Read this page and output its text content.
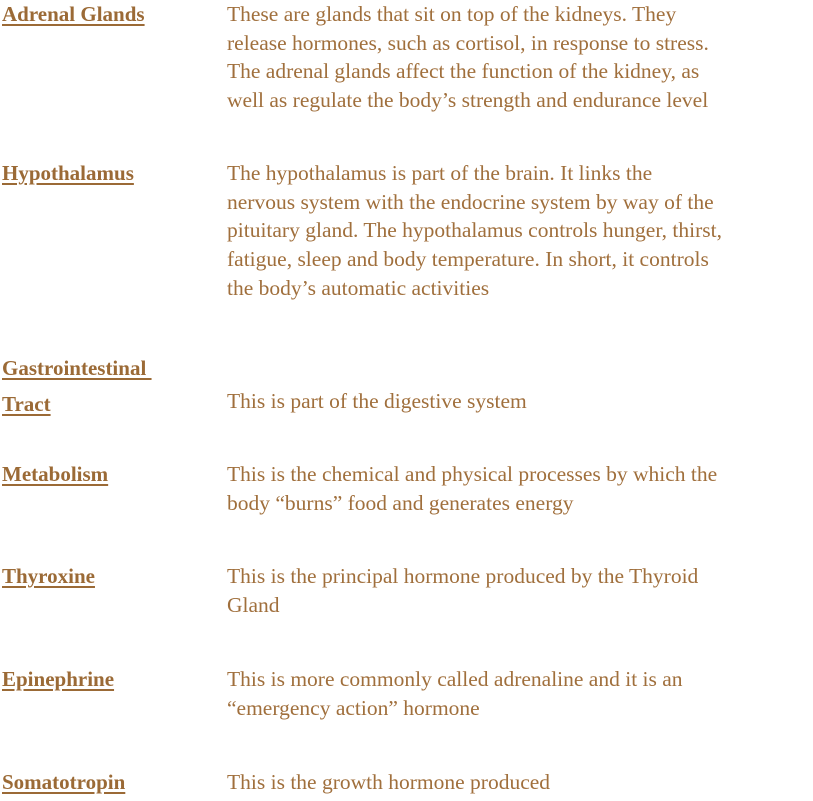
Adrenal Glands	These are glands that sit on top of the kidneys. They
release hormones, such as cortisol, in response to stress.
The adrenal glands affect the function of the kidney, as
well as regulate the body’s strength and endurance level
Hypothalamus	The hypothalamus is part of the brain. It links the
nervous system with the endocrine system by way of the
pituitary gland. The hypothalamus controls hunger, thirst,
fatigue, sleep and body temperature. In short, it controls
the body’s automatic activities
Gastrointestinal
Tract	This is part of the digestive system
Metabolism	This is the chemical and physical processes by which the
body “burns” food and generates energy
Thyroxine	This is the principal hormone produced by the Thyroid
Gland
Epinephrine	This is more commonly called adrenaline and it is an
“emergency action” hormone
Somatotropin	This is the growth hormone produced
